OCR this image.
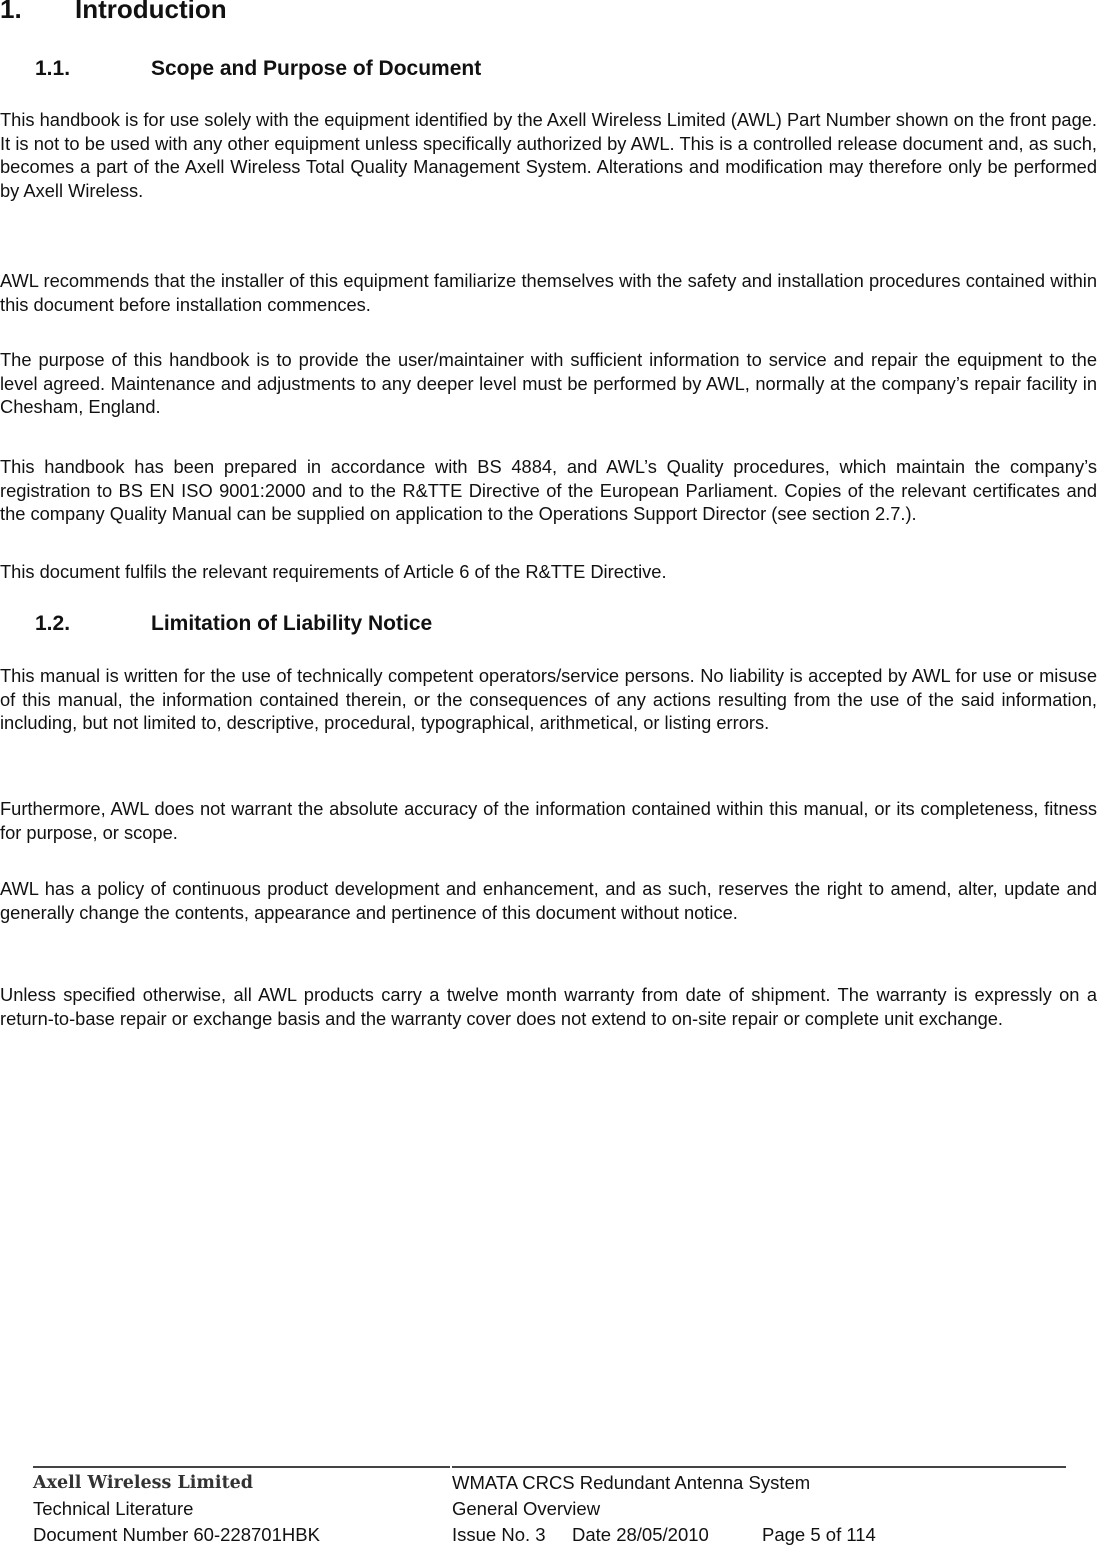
1. Introduction
1.1.	Scope and Purpose of Document

This handbook is for use solely with the equipment identified by the Axell Wireless Limited (AWL) Part Number shown on the front page. It is not to be used with any other equipment unless specifically authorized by AWL. This is a controlled release document and, as such, becomes a part of the Axell Wireless Total Quality Management System. Alterations and modification may therefore only be performed by Axell Wireless.

AWL recommends that the installer of this equipment familiarize themselves with the safety and installation procedures contained within this document before installation commences.

The purpose of this handbook is to provide the user/maintainer with sufficient information to service and repair the equipment to the level agreed. Maintenance and adjustments to any deeper level must be performed by AWL, normally at the company’s repair facility in Chesham, England.

This handbook has been prepared in accordance with BS 4884, and AWL’s Quality procedures, which maintain the company’s registration to BS EN ISO 9001:2000 and to the R&TTE Directive of the European Parliament. Copies of the relevant certificates and the company Quality Manual can be supplied on application to the Operations Support Director (see section 2.7.).

This document fulfils the relevant requirements of Article 6 of the R&TTE Directive.

1.2.	Limitation of Liability Notice

This manual is written for the use of technically competent operators/service persons. No liability is accepted by AWL for use or misuse of this manual, the information contained therein, or the consequences of any actions resulting from the use of the said information, including, but not limited to, descriptive, procedural, typographical, arithmetical, or listing errors.

Furthermore, AWL does not warrant the absolute accuracy of the information contained within this manual, or its completeness, fitness for purpose, or scope.

AWL has a policy of continuous product development and enhancement, and as such, reserves the right to amend, alter, update and generally change the contents, appearance and pertinence of this document without notice.

Unless specified otherwise, all AWL products carry a twelve month warranty from date of shipment. The warranty is expressly on a return-to-base repair or exchange basis and the warranty cover does not extend to on-site repair or complete unit exchange.

Axell Wireless Limited
Technical Literature
Document Number 60-228701HBK
WMATA CRCS Redundant Antenna System
General Overview
Issue No. 3 Date 28/05/2010	Page 5 of 114
